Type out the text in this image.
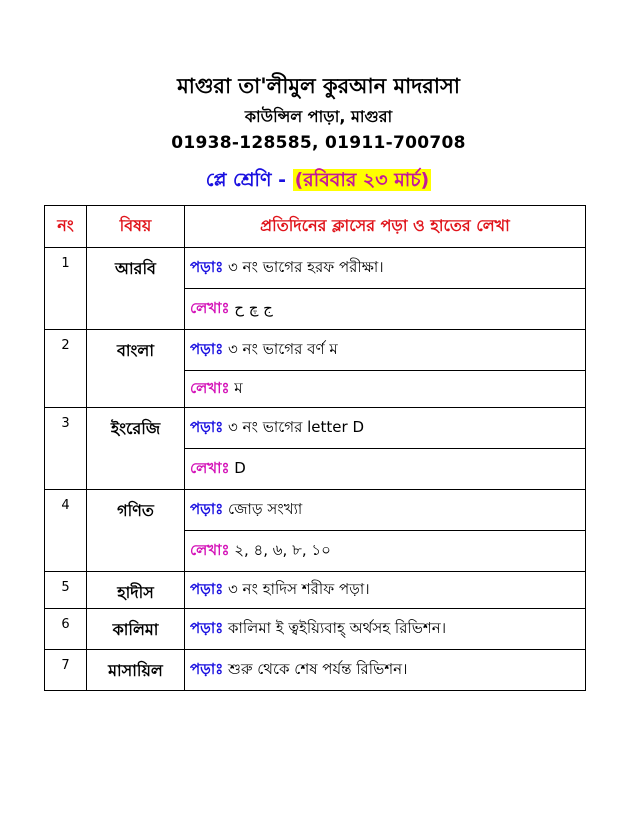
মাগুরা তা'লীমুল কুরআন মাদরাসা
কাউন্সিল পাড়া, মাগুরা
01938-128585, 01911-700708
প্লে শ্রেণি - (রবিবার ২৩ মার্চ)
নং	বিষয়	প্রতিদিনের ক্লাসের পড়া ও হাতের লেখা
1	আরবি	পড়াঃ ৩ নং ভাগের হরফ পরীক্ষা।
		লেখাঃ ج چ ح
2	বাংলা	পড়াঃ ৩ নং ভাগের বর্ণ ম
		লেখাঃ ম
3	ইংরেজি	পড়াঃ ৩ নং ভাগের letter D
		লেখাঃ D
4	গণিত	পড়াঃ জোড় সংখ্যা
		লেখাঃ ২, ৪, ৬, ৮, ১০
5	হাদীস	পড়াঃ ৩ নং হাদিস শরীফ পড়া।
6	কালিমা	পড়াঃ কালিমা ই ত্বইয়্যিবাহ্ অর্থসহ রিভিশন।
7	মাসায়িল	পড়াঃ শুরু থেকে শেষ পর্যন্ত রিভিশন।
